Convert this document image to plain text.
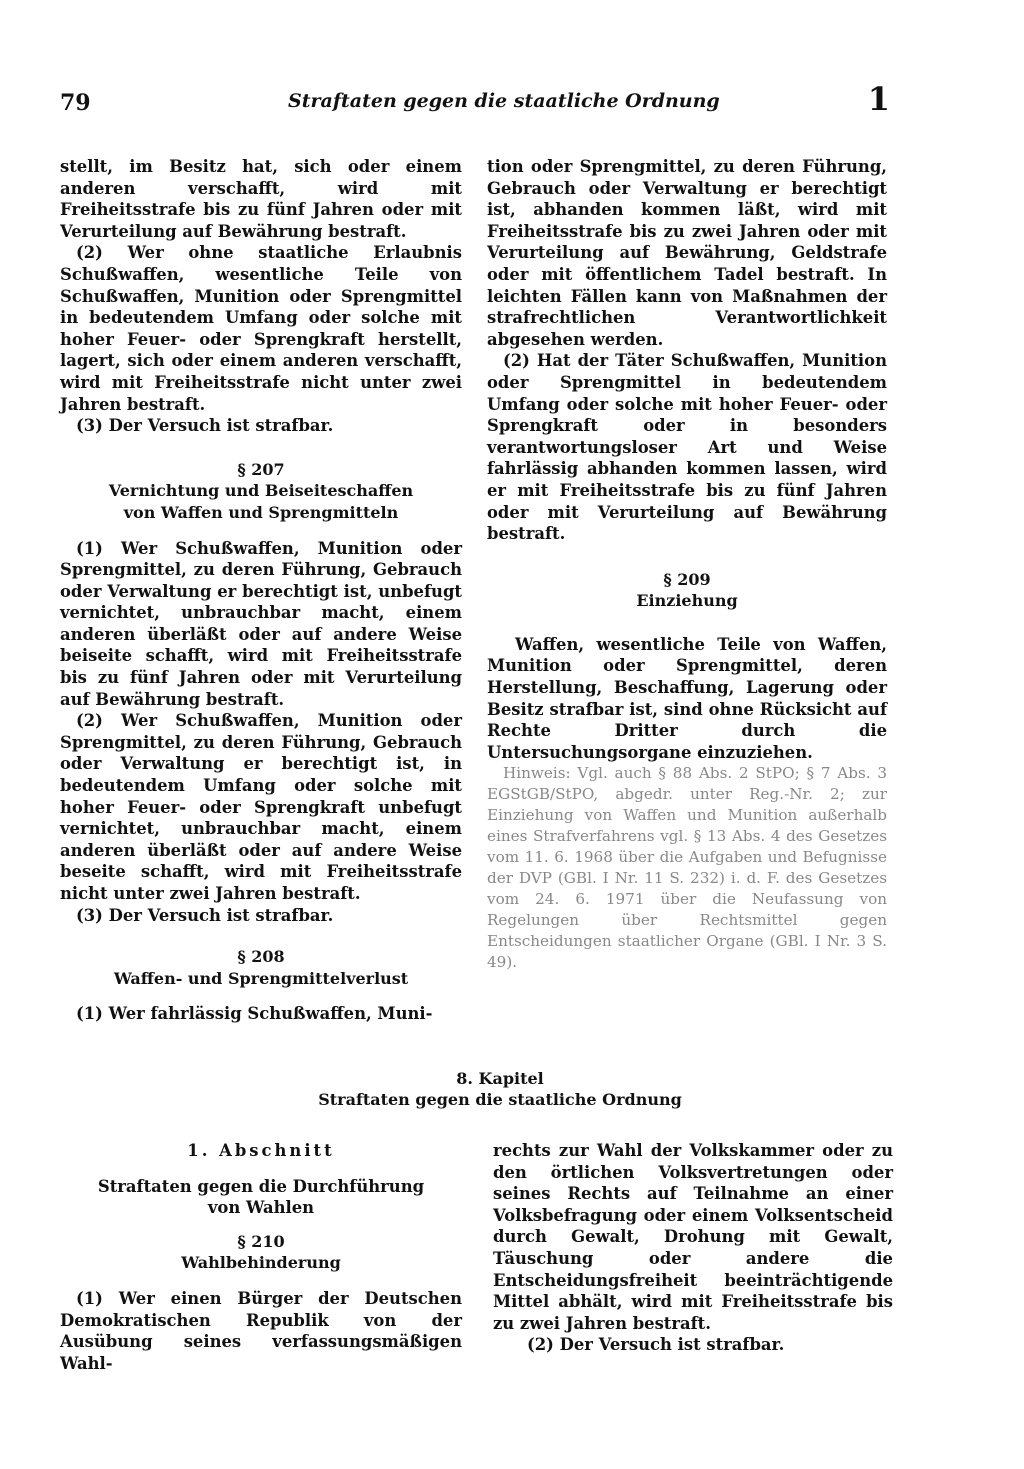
79	Straftaten gegen die staatliche Ordnung	1

stellt, im Besitz hat, sich oder einem anderen verschafft, wird mit Freiheitsstrafe bis zu fünf Jahren oder mit Verurteilung auf Bewährung bestraft.

(2) Wer ohne staatliche Erlaubnis Schußwaffen, wesentliche Teile von Schußwaffen, Munition oder Sprengmittel in bedeutendem Umfang oder solche mit hoher Feuer- oder Sprengkraft herstellt, lagert, sich oder einem anderen verschafft, wird mit Freiheitsstrafe nicht unter zwei Jahren bestraft.

(3) Der Versuch ist strafbar.

§ 207
Vernichtung und Beiseiteschaffen
von Waffen und Sprengmitteln

(1) Wer Schußwaffen, Munition oder Sprengmittel, zu deren Führung, Gebrauch oder Verwaltung er berechtigt ist, unbefugt vernichtet, unbrauchbar macht, einem anderen überläßt oder auf andere Weise beiseite schafft, wird mit Freiheitsstrafe bis zu fünf Jahren oder mit Verurteilung auf Bewährung bestraft.

(2) Wer Schußwaffen, Munition oder Sprengmittel, zu deren Führung, Gebrauch oder Verwaltung er berechtigt ist, in bedeutendem Umfang oder solche mit hoher Feuer- oder Sprengkraft unbefugt vernichtet, unbrauchbar macht, einem anderen überläßt oder auf andere Weise beseite schafft, wird mit Freiheitsstrafe nicht unter zwei Jahren bestraft.

(3) Der Versuch ist strafbar.

§ 208
Waffen- und Sprengmittelverlust

(1) Wer fahrlässig Schußwaffen, Muni-

tion oder Sprengmittel, zu deren Führung, Gebrauch oder Verwaltung er berechtigt ist, abhanden kommen läßt, wird mit Freiheitsstrafe bis zu zwei Jahren oder mit Verurteilung auf Bewährung, Geldstrafe oder mit öffentlichem Tadel bestraft. In leichten Fällen kann von Maßnahmen der strafrechtlichen Verantwortlichkeit abgesehen werden.

(2) Hat der Täter Schußwaffen, Munition oder Sprengmittel in bedeutendem Umfang oder solche mit hoher Feuer- oder Sprengkraft oder in besonders verantwortungsloser Art und Weise fahrlässig abhanden kommen lassen, wird er mit Freiheitsstrafe bis zu fünf Jahren oder mit Verurteilung auf Bewährung bestraft.

§ 209
Einziehung

Waffen, wesentliche Teile von Waffen, Munition oder Sprengmittel, deren Herstellung, Beschaffung, Lagerung oder Besitz strafbar ist, sind ohne Rücksicht auf Rechte Dritter durch die Untersuchungsorgane einzuziehen.

Hinweis: Vgl. auch § 88 Abs. 2 StPO; § 7 Abs. 3 EGStGB/StPO, abgedr. unter Reg.-Nr. 2; zur Einziehung von Waffen und Munition außerhalb eines Strafverfahrens vgl. § 13 Abs. 4 des Gesetzes vom 11. 6. 1968 über die Aufgaben und Befugnisse der DVP (GBl. I Nr. 11 S. 232) i. d. F. des Gesetzes vom 24. 6. 1971 über die Neufassung von Regelungen über Rechtsmittel gegen Entscheidungen staatlicher Organe (GBl. I Nr. 3 S. 49).

8. Kapitel
Straftaten gegen die staatliche Ordnung
1. Abschnitt
Straftaten gegen die Durchführung
von Wahlen
§ 210
Wahlbehinderung

(1) Wer einen Bürger der Deutschen Demokratischen Republik von der Ausübung seines verfassungsmäßigen Wahl-

rechts zur Wahl der Volkskammer oder zu den örtlichen Volksvertretungen oder seines Rechts auf Teilnahme an einer Volksbefragung oder einem Volksentscheid durch Gewalt, Drohung mit Gewalt, Täuschung oder andere die Entscheidungsfreiheit beeinträchtigende Mittel abhält, wird mit Freiheitsstrafe bis zu zwei Jahren bestraft.

(2) Der Versuch ist strafbar.
